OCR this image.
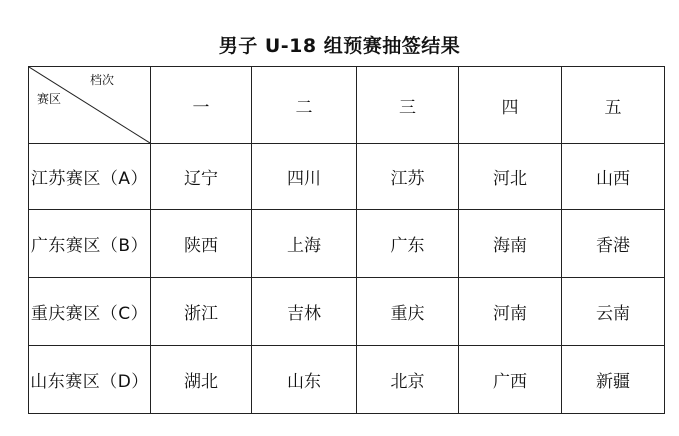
男子 U-18 组预赛抽签结果
档次
赛区	一	二	三	四	五
江苏赛区（A）	辽宁	四川	江苏	河北	山西
广东赛区（B）	陕西	上海	广东	海南	香港
重庆赛区（C）	浙江	吉林	重庆	河南	云南
山东赛区（D）	湖北	山东	北京	广西	新疆
